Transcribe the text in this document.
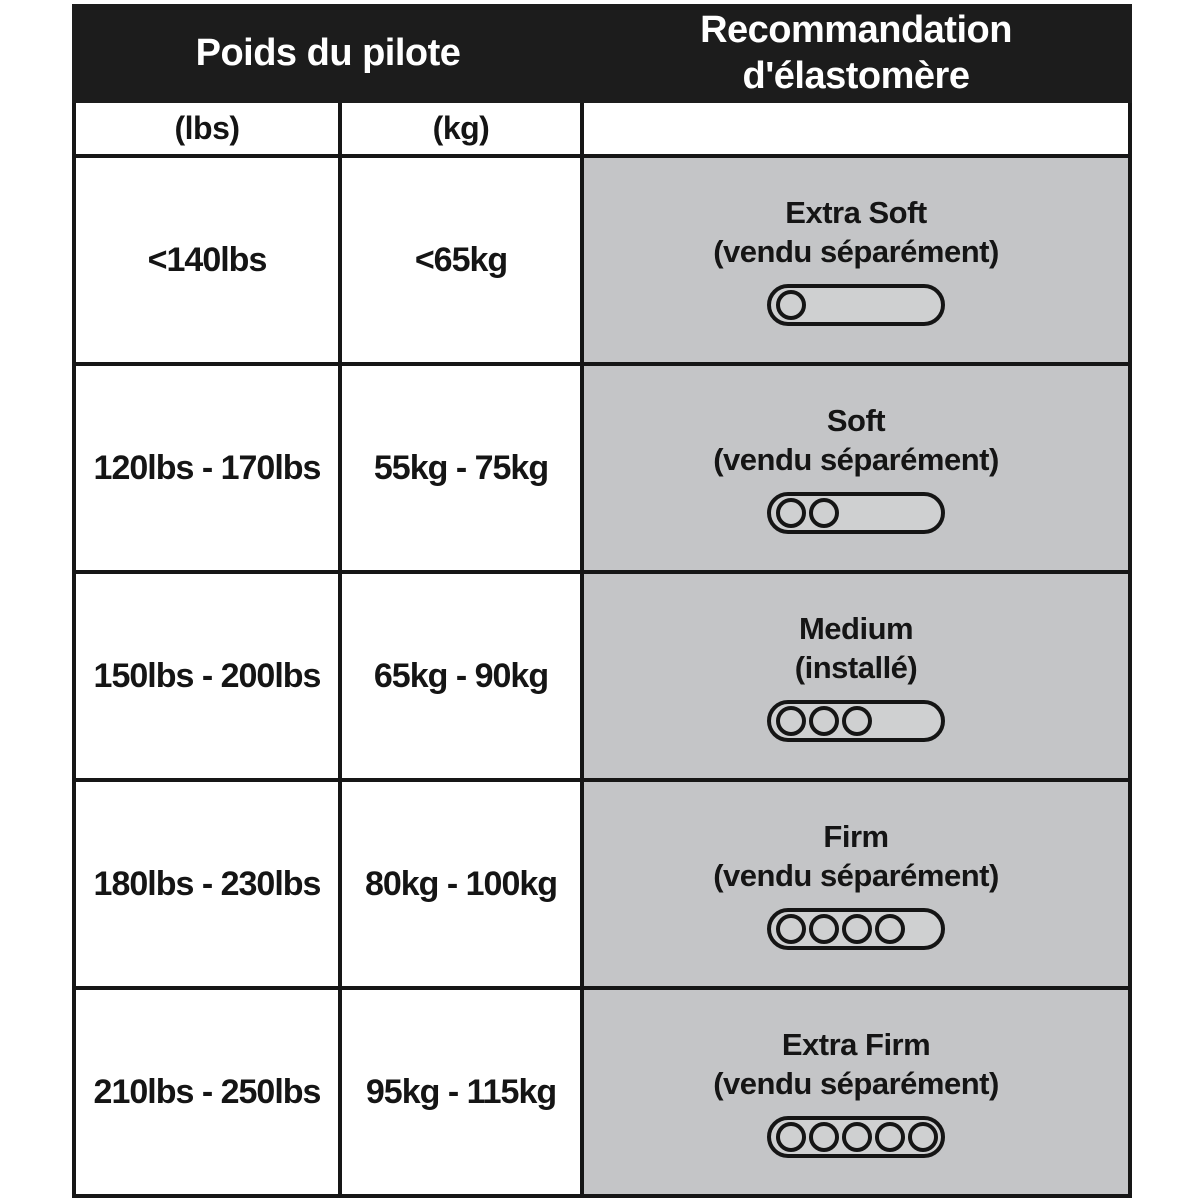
Poids du pilote		Recommandation d'élastomère
(lbs)	(kg)	
<140lbs	<65kg	Extra Soft
(vendu séparément)

120lbs - 170lbs	55kg - 75kg	Soft
(vendu séparément)

150lbs - 200lbs	65kg - 90kg	Medium
(installé)

180lbs - 230lbs	80kg - 100kg	Firm
(vendu séparément)

210lbs - 250lbs	95kg - 115kg	Extra Firm
(vendu séparément)
